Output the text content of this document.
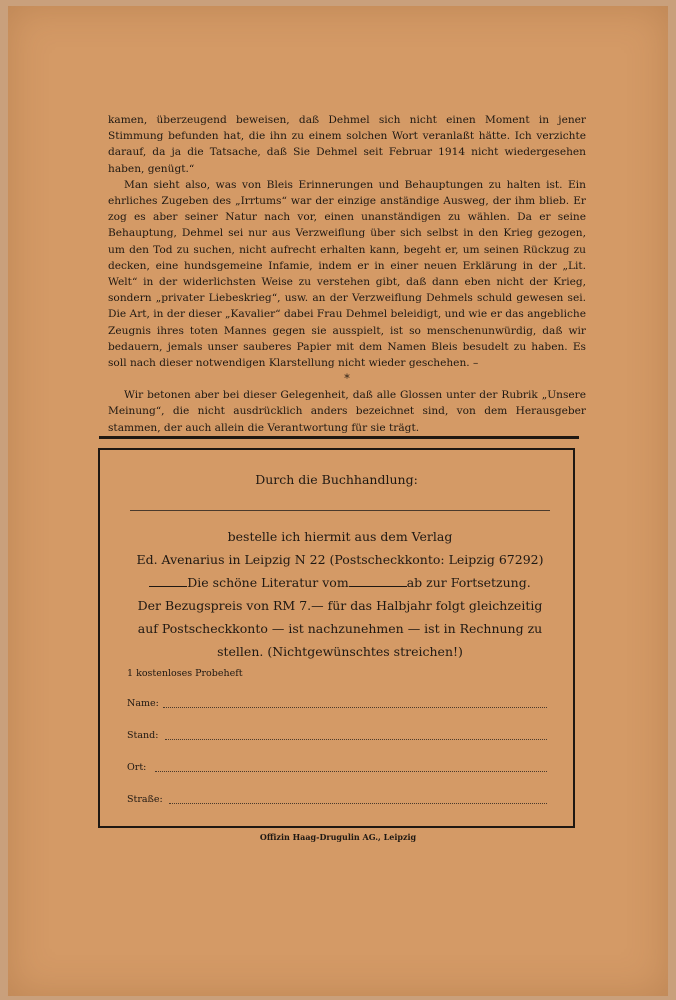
kamen, überzeugend beweisen, daß Dehmel sich nicht einen Moment in jener Stimmung befunden hat, die ihn zu einem solchen Wort veranlaßt hätte. Ich verzichte darauf, da ja die Tatsache, daß Sie Dehmel seit Februar 1914 nicht wiedergesehen haben, genügt.“

Man sieht also, was von Bleis Erinnerungen und Behauptungen zu halten ist. Ein ehrliches Zugeben des „Irrtums“ war der einzige anständige Ausweg, der ihm blieb. Er zog es aber seiner Natur nach vor, einen unanständigen zu wählen. Da er seine Behauptung, Dehmel sei nur aus Verzweiflung über sich selbst in den Krieg gezogen, um den Tod zu suchen, nicht aufrecht erhalten kann, begeht er, um seinen Rückzug zu decken, eine hundsgemeine Infamie, indem er in einer neuen Erklärung in der „Lit. Welt“ in der widerlichsten Weise zu verstehen gibt, daß dann eben nicht der Krieg, sondern „privater Liebeskrieg“, usw. an der Verzweiflung Dehmels schuld gewesen sei. Die Art, in der dieser „Kavalier“ dabei Frau Dehmel beleidigt, und wie er das angebliche Zeugnis ihres toten Mannes gegen sie ausspielt, ist so menschenunwürdig, daß wir bedauern, jemals unser sauberes Papier mit dem Namen Bleis besudelt zu haben. Es soll nach dieser notwendigen Klarstellung nicht wieder geschehen. –

*

Wir betonen aber bei dieser Gelegenheit, daß alle Glossen unter der Rubrik „Unsere Meinung“, die nicht ausdrücklich anders bezeichnet sind, von dem Herausgeber stammen, der auch allein die Verantwortung für sie trägt.

Durch die Buchhandlung:
bestelle ich hiermit aus dem Verlag
Ed. Avenarius in Leipzig N 22 (Postscheckkonto: Leipzig 67292)
Die schöne Literatur vom	ab zur Fortsetzung.
Der Bezugspreis von RM 7.— für das Halbjahr folgt gleichzeitig
auf Postscheckkonto — ist nachzunehmen — ist in Rechnung zu
stellen. (Nichtgewünschtes streichen!)
1 kostenloses Probeheft
Name:
Stand:
Ort:
Straße:
Offizin Haag-Drugulin AG., Leipzig
